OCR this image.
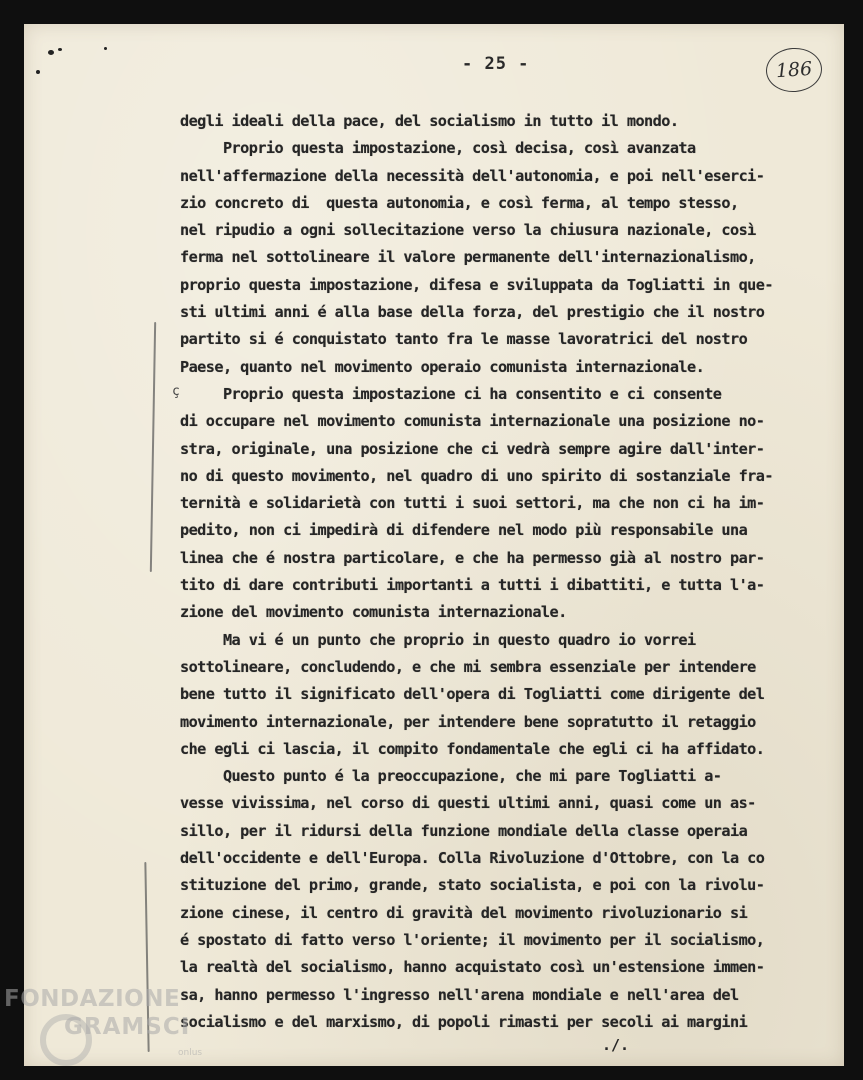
- 25 -	186
ç
degli ideali della pace, del socialismo in tutto il mondo.
Proprio questa impostazione, così decisa, così avanzata
nell'affermazione della necessità dell'autonomia, e poi nell'eserci-
zio concreto di  questa autonomia, e così ferma, al tempo stesso,
nel ripudio a ogni sollecitazione verso la chiusura nazionale, così
ferma nel sottolineare il valore permanente dell'internazionalismo,
proprio questa impostazione, difesa e sviluppata da Togliatti in que-
sti ultimi anni é alla base della forza, del prestigio che il nostro
partito si é conquistato tanto fra le masse lavoratrici del nostro
Paese, quanto nel movimento operaio comunista internazionale.
Proprio questa impostazione ci ha consentito e ci consente
di occupare nel movimento comunista internazionale una posizione no-
stra, originale, una posizione che ci vedrà sempre agire dall'inter-
no di questo movimento, nel quadro di uno spirito di sostanziale fra-
ternità e solidarietà con tutti i suoi settori, ma che non ci ha im-
pedito, non ci impedirà di difendere nel modo più responsabile una
linea che é nostra particolare, e che ha permesso già al nostro par-
tito di dare contributi importanti a tutti i dibattiti, e tutta l'a-
zione del movimento comunista internazionale.
Ma vi é un punto che proprio in questo quadro io vorrei
sottolineare, concludendo, e che mi sembra essenziale per intendere
bene tutto il significato dell'opera di Togliatti come dirigente del
movimento internazionale, per intendere bene sopratutto il retaggio
che egli ci lascia, il compito fondamentale che egli ci ha affidato.
Questo punto é la preoccupazione, che mi pare Togliatti a-
vesse vivissima, nel corso di questi ultimi anni, quasi come un as-
sillo, per il ridursi della funzione mondiale della classe operaia
dell'occidente e dell'Europa. Colla Rivoluzione d'Ottobre, con la co
stituzione del primo, grande, stato socialista, e poi con la rivolu-
zione cinese, il centro di gravità del movimento rivoluzionario si
é spostato di fatto verso l'oriente; il movimento per il socialismo,
la realtà del socialismo, hanno acquistato così un'estensione immen-
sa, hanno permesso l'ingresso nell'arena mondiale e nell'area del
socialismo e del marxismo, di popoli rimasti per secoli ai margini
./.
FONDAZIONE
GRAMSCI
onlus
